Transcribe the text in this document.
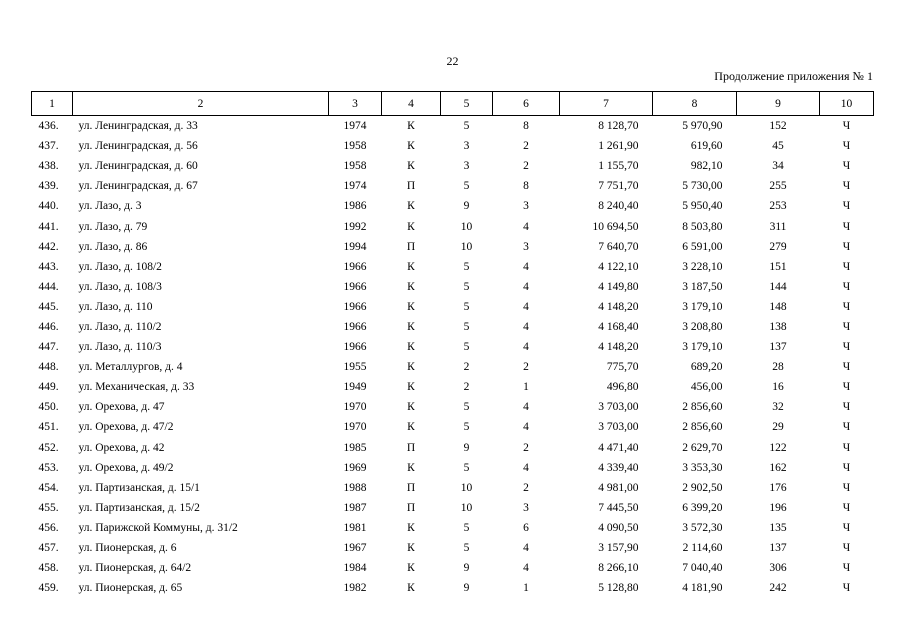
22
Продолжение приложения № 1
1	2	3	4	5	6	7	8	9	10
436.	ул. Ленинградская, д. 33	1974	К	5	8	8 128,70	5 970,90	152	Ч
437.	ул. Ленинградская, д. 56	1958	К	3	2	1 261,90	619,60	45	Ч
438.	ул. Ленинградская, д. 60	1958	К	3	2	1 155,70	982,10	34	Ч
439.	ул. Ленинградская, д. 67	1974	П	5	8	7 751,70	5 730,00	255	Ч
440.	ул. Лазо, д. 3	1986	К	9	3	8 240,40	5 950,40	253	Ч
441.	ул. Лазо, д. 79	1992	К	10	4	10 694,50	8 503,80	311	Ч
442.	ул. Лазо, д. 86	1994	П	10	3	7 640,70	6 591,00	279	Ч
443.	ул. Лазо, д. 108/2	1966	К	5	4	4 122,10	3 228,10	151	Ч
444.	ул. Лазо, д. 108/3	1966	К	5	4	4 149,80	3 187,50	144	Ч
445.	ул. Лазо, д. 110	1966	К	5	4	4 148,20	3 179,10	148	Ч
446.	ул. Лазо, д. 110/2	1966	К	5	4	4 168,40	3 208,80	138	Ч
447.	ул. Лазо, д. 110/3	1966	К	5	4	4 148,20	3 179,10	137	Ч
448.	ул. Металлургов, д. 4	1955	К	2	2	775,70	689,20	28	Ч
449.	ул. Механическая, д. 33	1949	К	2	1	496,80	456,00	16	Ч
450.	ул. Орехова, д. 47	1970	К	5	4	3 703,00	2 856,60	32	Ч
451.	ул. Орехова, д. 47/2	1970	К	5	4	3 703,00	2 856,60	29	Ч
452.	ул. Орехова, д. 42	1985	П	9	2	4 471,40	2 629,70	122	Ч
453.	ул. Орехова, д. 49/2	1969	К	5	4	4 339,40	3 353,30	162	Ч
454.	ул. Партизанская, д. 15/1	1988	П	10	2	4 981,00	2 902,50	176	Ч
455.	ул. Партизанская, д. 15/2	1987	П	10	3	7 445,50	6 399,20	196	Ч
456.	ул. Парижской Коммуны, д. 31/2	1981	К	5	6	4 090,50	3 572,30	135	Ч
457.	ул. Пионерская, д. 6	1967	К	5	4	3 157,90	2 114,60	137	Ч
458.	ул. Пионерская, д. 64/2	1984	К	9	4	8 266,10	7 040,40	306	Ч
459.	ул. Пионерская, д. 65	1982	К	9	1	5 128,80	4 181,90	242	Ч
